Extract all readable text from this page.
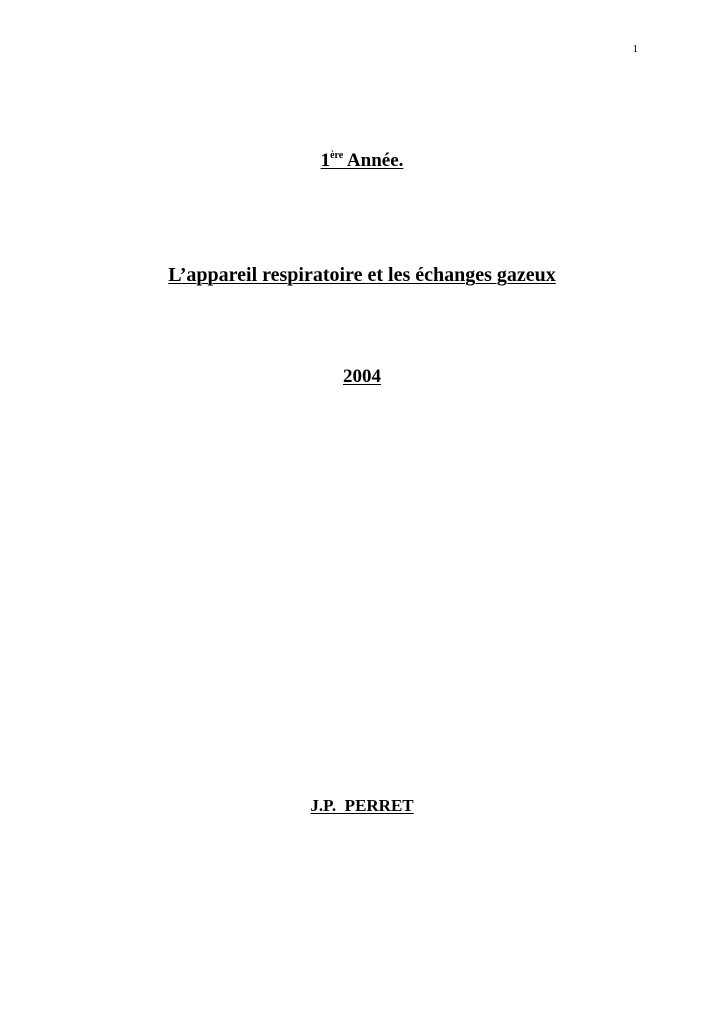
1
1ère Année.
L’appareil respiratoire et les échanges gazeux
2004
J.P.  PERRET
